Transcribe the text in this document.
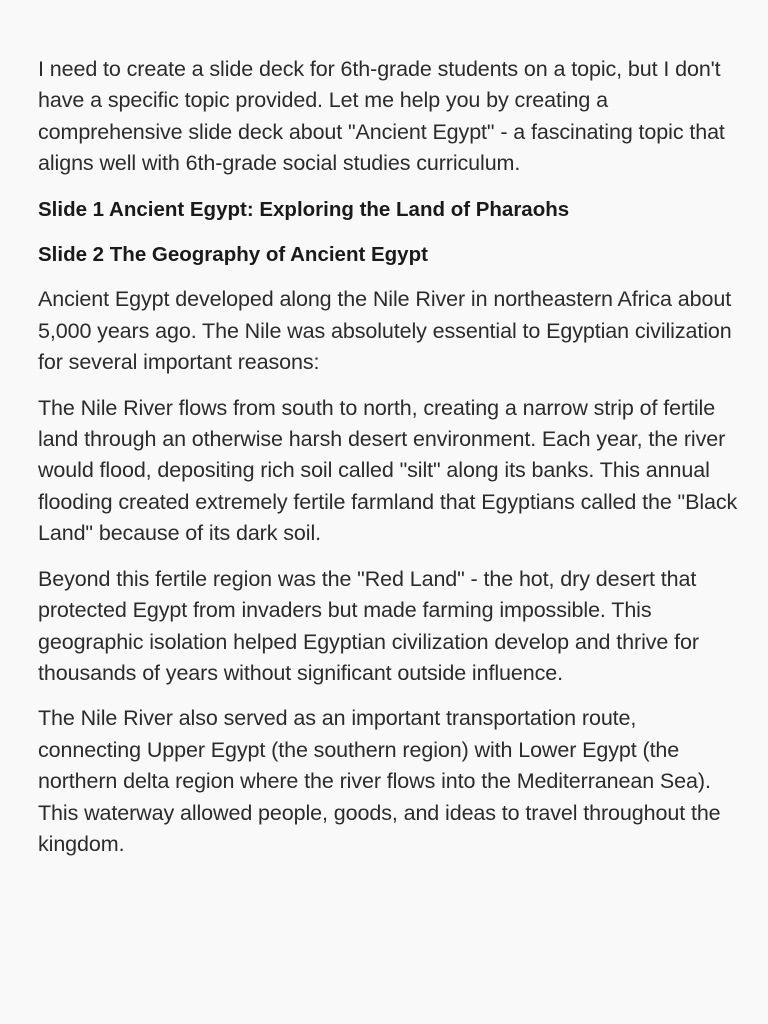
I need to create a slide deck for 6th-grade students on a topic, but I don't have a specific topic provided. Let me help you by creating a comprehensive slide deck about "Ancient Egypt" - a fascinating topic that aligns well with 6th-grade social studies curriculum.

Slide 1 Ancient Egypt: Exploring the Land of Pharaohs

Slide 2 The Geography of Ancient Egypt

Ancient Egypt developed along the Nile River in northeastern Africa about 5,000 years ago. The Nile was absolutely essential to Egyptian civilization for several important reasons:

The Nile River flows from south to north, creating a narrow strip of fertile land through an otherwise harsh desert environment. Each year, the river would flood, depositing rich soil called "silt" along its banks. This annual flooding created extremely fertile farmland that Egyptians called the "Black Land" because of its dark soil.

Beyond this fertile region was the "Red Land" - the hot, dry desert that protected Egypt from invaders but made farming impossible. This geographic isolation helped Egyptian civilization develop and thrive for thousands of years without significant outside influence.

The Nile River also served as an important transportation route, connecting Upper Egypt (the southern region) with Lower Egypt (the northern delta region where the river flows into the Mediterranean Sea). This waterway allowed people, goods, and ideas to travel throughout the kingdom.
